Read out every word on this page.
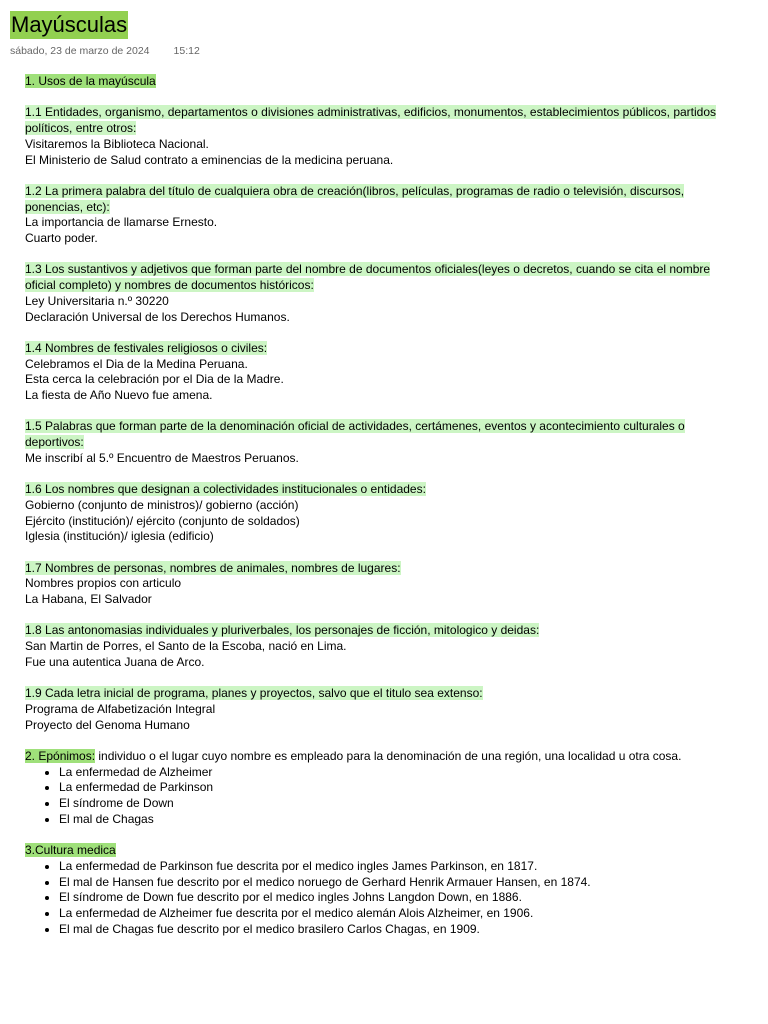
Mayúsculas
sábado, 23 de marzo de 2024 15:12

1. Usos de la mayúscula

1.1 Entidades, organismo, departamentos o divisiones administrativas, edificios, monumentos, establecimientos públicos, partidos políticos, entre otros:

Visitaremos la Biblioteca Nacional.

El Ministerio de Salud contrato a eminencias de la medicina peruana.

1.2 La primera palabra del título de cualquiera obra de creación(libros, películas, programas de radio o televisión, discursos, ponencias, etc):

La importancia de llamarse Ernesto.

Cuarto poder.

1.3 Los sustantivos y adjetivos que forman parte del nombre de documentos oficiales(leyes o decretos, cuando se cita el nombre oficial completo) y nombres de documentos históricos:

Ley Universitaria n.º 30220

Declaración Universal de los Derechos Humanos.

1.4 Nombres de festivales religiosos o civiles:

Celebramos el Dia de la Medina Peruana.

Esta cerca la celebración por el Dia de la Madre.

La fiesta de Año Nuevo fue amena.

1.5 Palabras que forman parte de la denominación oficial de actividades, certámenes, eventos y acontecimiento culturales o deportivos:

Me inscribí al 5.º Encuentro de Maestros Peruanos.

1.6 Los nombres que designan a colectividades institucionales o entidades:

Gobierno (conjunto de ministros)/ gobierno (acción)

Ejército (institución)/ ejército (conjunto de soldados)

Iglesia (institución)/ iglesia (edificio)

1.7 Nombres de personas, nombres de animales, nombres de lugares:

Nombres propios con articulo

La Habana, El Salvador

1.8 Las antonomasias individuales y pluriverbales, los personajes de ficción, mitologico y deidas:

San Martin de Porres, el Santo de la Escoba, nació en Lima.

Fue una autentica Juana de Arco.

1.9 Cada letra inicial de programa, planes y proyectos, salvo que el titulo sea extenso:

Programa de Alfabetización Integral

Proyecto del Genoma Humano

2. Epónimos: individuo o el lugar cuyo nombre es empleado para la denominación de una región, una localidad u otra cosa.

• La enfermedad de Alzheimer
• La enfermedad de Parkinson
• El síndrome de Down
• El mal de Chagas

3.Cultura medica

• La enfermedad de Parkinson fue descrita por el medico ingles James Parkinson, en 1817.
• El mal de Hansen fue descrito por el medico noruego de Gerhard Henrik Armauer Hansen, en 1874.
• El síndrome de Down fue descrito por el medico ingles Johns Langdon Down, en 1886.
• La enfermedad de Alzheimer fue descrita por el medico alemán Alois Alzheimer, en 1906.
• El mal de Chagas fue descrito por el medico brasilero Carlos Chagas, en 1909.
